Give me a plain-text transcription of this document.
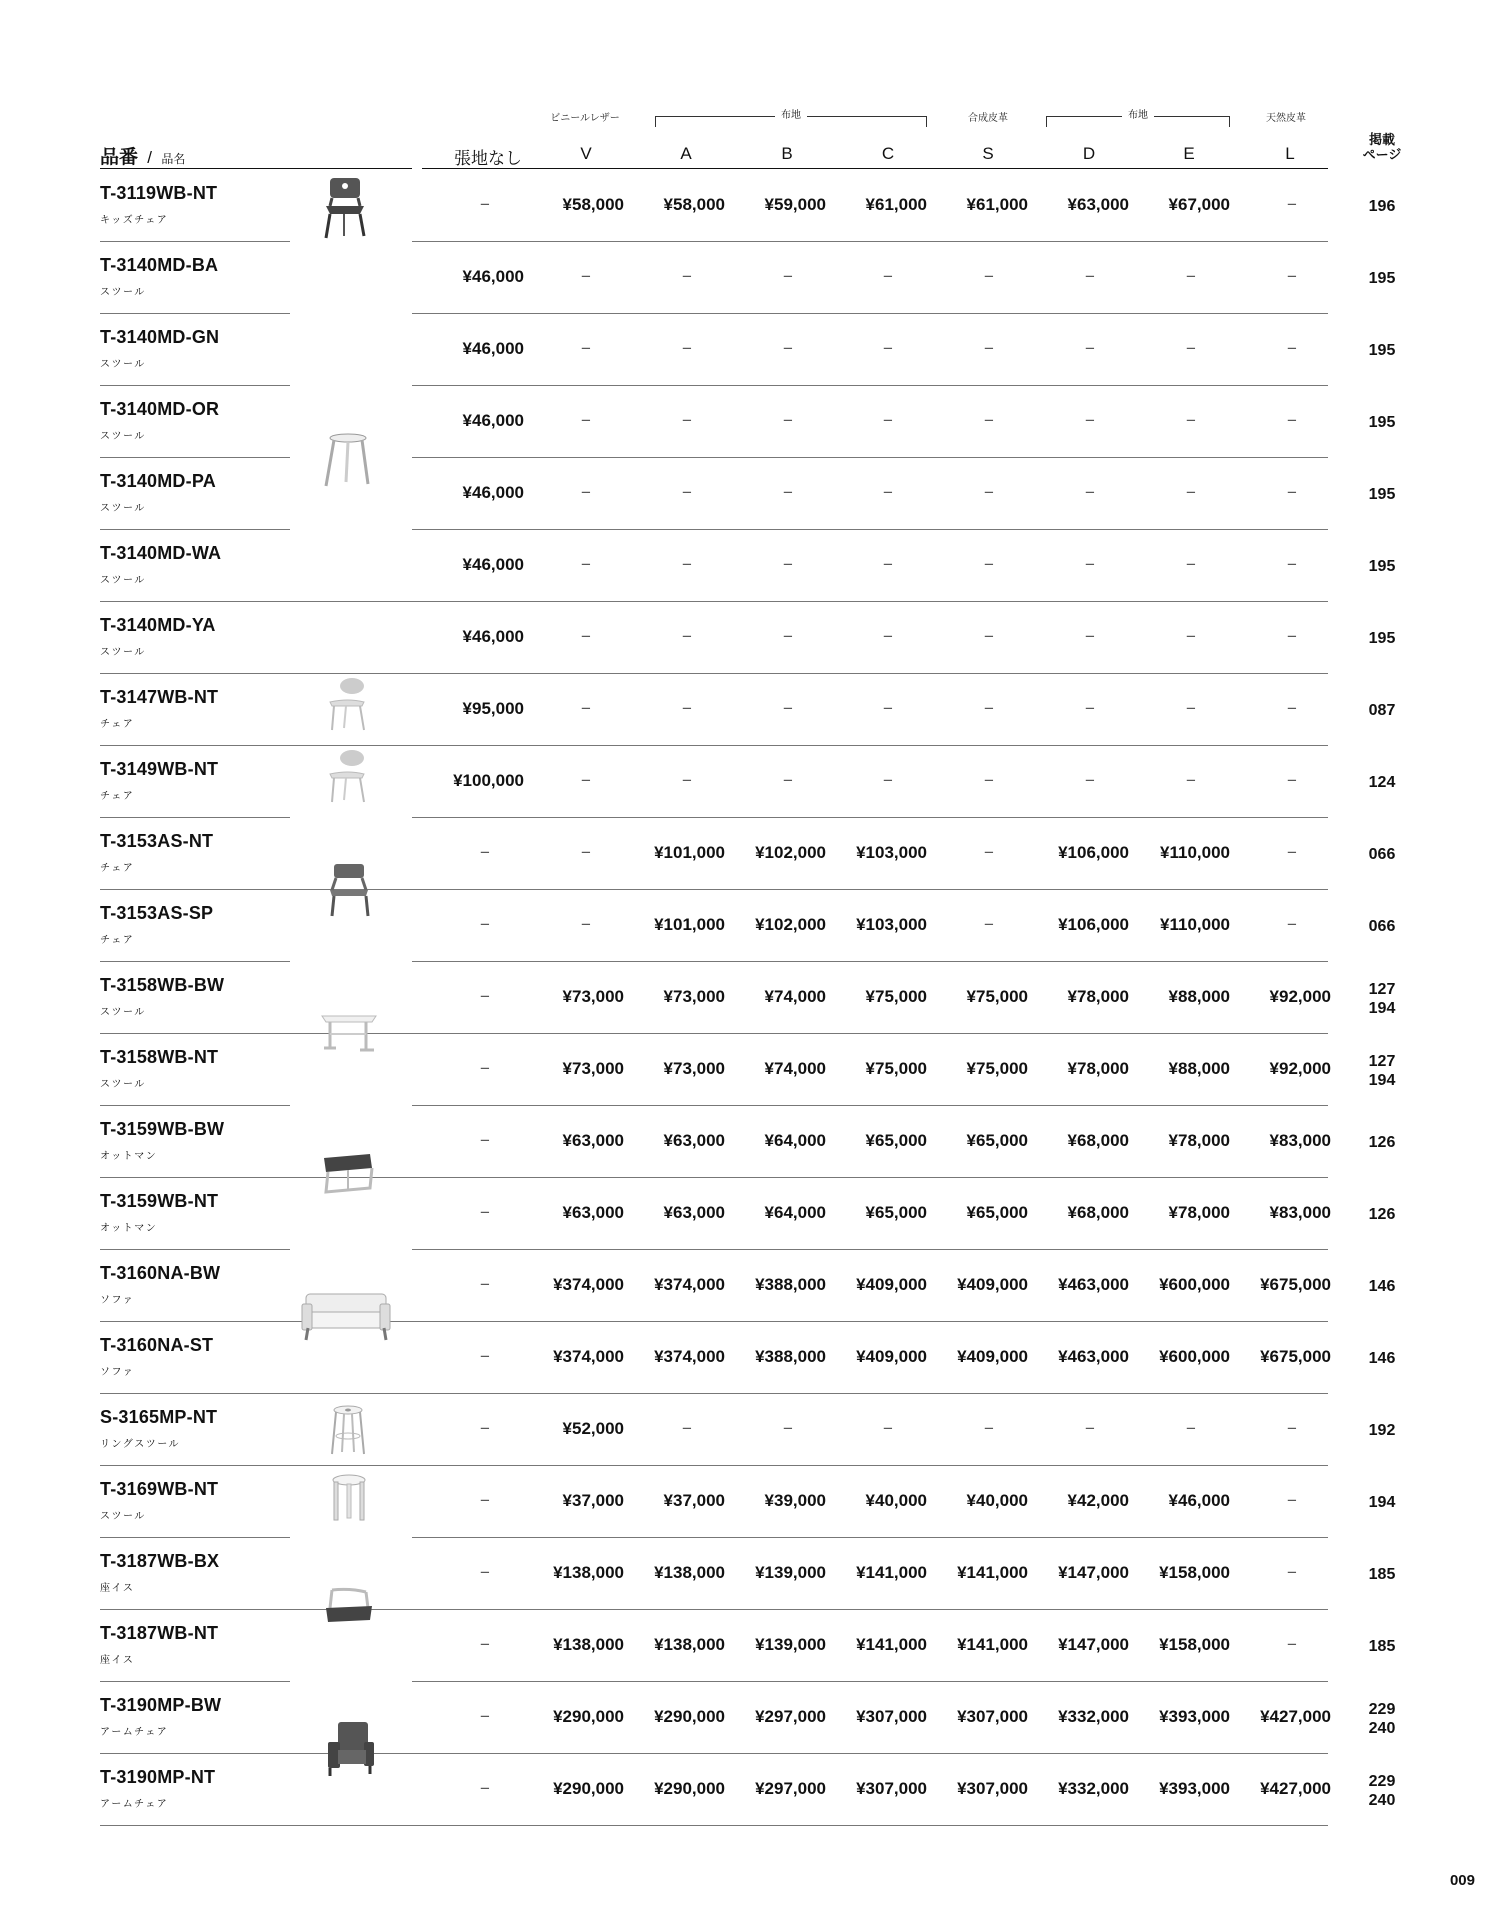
ビニールレザー	布地	合成皮革	布地	天然皮革
品番 / 品名	張地なし	V	A	B	C	S	D	E	L
掲載
ページ
T-3119WB-NT
キッズチェア
−	¥58,000	¥58,000	¥59,000	¥61,000	¥61,000	¥63,000	¥67,000	−	196
T-3140MD-BA
スツール
¥46,000	−	−	−	−	−	−	−	−	195
T-3140MD-GN
スツール
¥46,000	−	−	−	−	−	−	−	−	195
T-3140MD-OR
スツール
¥46,000	−	−	−	−	−	−	−	−	195
T-3140MD-PA
スツール
¥46,000	−	−	−	−	−	−	−	−	195
T-3140MD-WA
スツール
¥46,000	−	−	−	−	−	−	−	−	195
T-3140MD-YA
スツール
¥46,000	−	−	−	−	−	−	−	−	195
T-3147WB-NT
チェア
¥95,000	−	−	−	−	−	−	−	−	087
T-3149WB-NT
チェア
¥100,000	−	−	−	−	−	−	−	−	124
T-3153AS-NT
チェア
−	−	¥101,000	¥102,000	¥103,000	−	¥106,000	¥110,000	−	066
T-3153AS-SP
チェア
−	−	¥101,000	¥102,000	¥103,000	−	¥106,000	¥110,000	−	066
T-3158WB-BW
スツール
−	¥73,000	¥73,000	¥74,000	¥75,000	¥75,000	¥78,000	¥88,000	¥92,000	127
194
T-3158WB-NT
スツール
−	¥73,000	¥73,000	¥74,000	¥75,000	¥75,000	¥78,000	¥88,000	¥92,000	127
194
T-3159WB-BW
オットマン
−	¥63,000	¥63,000	¥64,000	¥65,000	¥65,000	¥68,000	¥78,000	¥83,000	126
T-3159WB-NT
オットマン
−	¥63,000	¥63,000	¥64,000	¥65,000	¥65,000	¥68,000	¥78,000	¥83,000	126
T-3160NA-BW
ソファ
−	¥374,000	¥374,000	¥388,000	¥409,000	¥409,000	¥463,000	¥600,000	¥675,000	146
T-3160NA-ST
ソファ
−	¥374,000	¥374,000	¥388,000	¥409,000	¥409,000	¥463,000	¥600,000	¥675,000	146
S-3165MP-NT
リングスツール
−	¥52,000	−	−	−	−	−	−	−	192
T-3169WB-NT
スツール
−	¥37,000	¥37,000	¥39,000	¥40,000	¥40,000	¥42,000	¥46,000	−	194
T-3187WB-BX
座イス
−	¥138,000	¥138,000	¥139,000	¥141,000	¥141,000	¥147,000	¥158,000	−	185
T-3187WB-NT
座イス
−	¥138,000	¥138,000	¥139,000	¥141,000	¥141,000	¥147,000	¥158,000	−	185
T-3190MP-BW
アームチェア
−	¥290,000	¥290,000	¥297,000	¥307,000	¥307,000	¥332,000	¥393,000	¥427,000	229
240
T-3190MP-NT
アームチェア
−	¥290,000	¥290,000	¥297,000	¥307,000	¥307,000	¥332,000	¥393,000	¥427,000	229
240
009
